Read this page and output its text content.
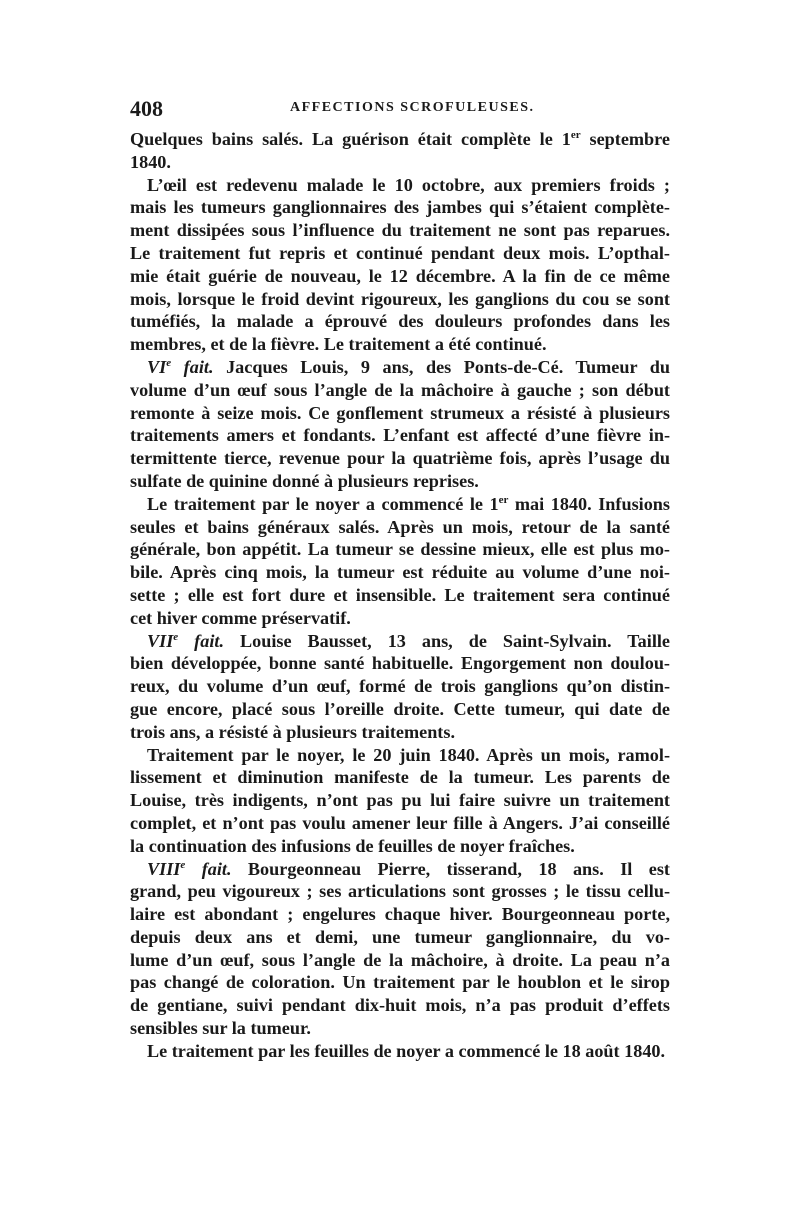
408	AFFECTIONS SCROFULEUSES.
Quelques bains salés. La guérison était complète le 1er septembre
1840.
L’œil est redevenu malade le 10 octobre, aux premiers froids ;
mais les tumeurs ganglionnaires des jambes qui s’étaient complète-
ment dissipées sous l’influence du traitement ne sont pas reparues.
Le traitement fut repris et continué pendant deux mois. L’opthal-
mie était guérie de nouveau, le 12 décembre. A la fin de ce même
mois, lorsque le froid devint rigoureux, les ganglions du cou se sont
tuméfiés, la malade a éprouvé des douleurs profondes dans les
membres, et de la fièvre. Le traitement a été continué.
VIe fait. Jacques Louis, 9 ans, des Ponts-de-Cé. Tumeur du
volume d’un œuf sous l’angle de la mâchoire à gauche ; son début
remonte à seize mois. Ce gonflement strumeux a résisté à plusieurs
traitements amers et fondants. L’enfant est affecté d’une fièvre in-
termittente tierce, revenue pour la quatrième fois, après l’usage du
sulfate de quinine donné à plusieurs reprises.
Le traitement par le noyer a commencé le 1er mai 1840. Infusions
seules et bains généraux salés. Après un mois, retour de la santé
générale, bon appétit. La tumeur se dessine mieux, elle est plus mo-
bile. Après cinq mois, la tumeur est réduite au volume d’une noi-
sette ; elle est fort dure et insensible. Le traitement sera continué
cet hiver comme préservatif.
VIIe fait. Louise Bausset, 13 ans, de Saint-Sylvain. Taille
bien développée, bonne santé habituelle. Engorgement non doulou-
reux, du volume d’un œuf, formé de trois ganglions qu’on distin-
gue encore, placé sous l’oreille droite. Cette tumeur, qui date de
trois ans, a résisté à plusieurs traitements.
Traitement par le noyer, le 20 juin 1840. Après un mois, ramol-
lissement et diminution manifeste de la tumeur. Les parents de
Louise, très indigents, n’ont pas pu lui faire suivre un traitement
complet, et n’ont pas voulu amener leur fille à Angers. J’ai conseillé
la continuation des infusions de feuilles de noyer fraîches.
VIIIe fait. Bourgeonneau Pierre, tisserand, 18 ans. Il est
grand, peu vigoureux ; ses articulations sont grosses ; le tissu cellu-
laire est abondant ; engelures chaque hiver. Bourgeonneau porte,
depuis deux ans et demi, une tumeur ganglionnaire, du vo-
lume d’un œuf, sous l’angle de la mâchoire, à droite. La peau n’a
pas changé de coloration. Un traitement par le houblon et le sirop
de gentiane, suivi pendant dix-huit mois, n’a pas produit d’effets
sensibles sur la tumeur.
Le traitement par les feuilles de noyer a commencé le 18 août 1840.
